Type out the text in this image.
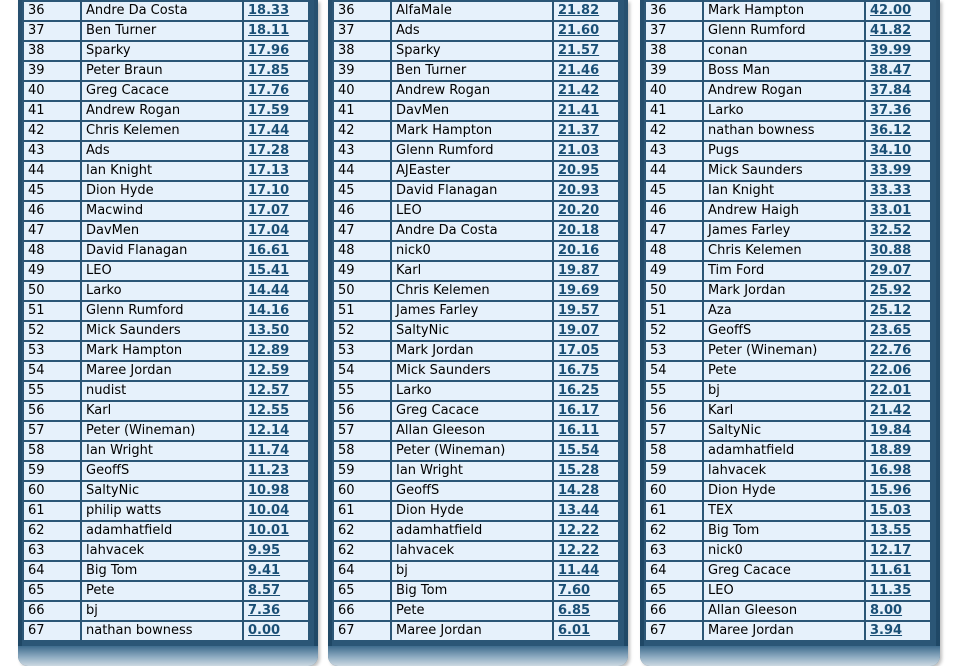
36	Andre Da Costa	18.33
37	Ben Turner	18.11
38	Sparky	17.96
39	Peter Braun	17.85
40	Greg Cacace	17.76
41	Andrew Rogan	17.59
42	Chris Kelemen	17.44
43	Ads	17.28
44	Ian Knight	17.13
45	Dion Hyde	17.10
46	Macwind	17.07
47	DavMen	17.04
48	David Flanagan	16.61
49	LEO	15.41
50	Larko	14.44
51	Glenn Rumford	14.16
52	Mick Saunders	13.50
53	Mark Hampton	12.89
54	Maree Jordan	12.59
55	nudist	12.57
56	Karl	12.55
57	Peter (Wineman)	12.14
58	Ian Wright	11.74
59	GeoffS	11.23
60	SaltyNic	10.98
61	philip watts	10.04
62	adamhatfield	10.01
63	lahvacek	9.95
64	Big Tom	9.41
65	Pete	8.57
66	bj	7.36
67	nathan bowness	0.00
36	AlfaMale	21.82
37	Ads	21.60
38	Sparky	21.57
39	Ben Turner	21.46
40	Andrew Rogan	21.42
41	DavMen	21.41
42	Mark Hampton	21.37
43	Glenn Rumford	21.03
44	AJEaster	20.95
45	David Flanagan	20.93
46	LEO	20.20
47	Andre Da Costa	20.18
48	nick0	20.16
49	Karl	19.87
50	Chris Kelemen	19.69
51	James Farley	19.57
52	SaltyNic	19.07
53	Mark Jordan	17.05
54	Mick Saunders	16.75
55	Larko	16.25
56	Greg Cacace	16.17
57	Allan Gleeson	16.11
58	Peter (Wineman)	15.54
59	Ian Wright	15.28
60	GeoffS	14.28
61	Dion Hyde	13.44
62	adamhatfield	12.22
62	lahvacek	12.22
64	bj	11.44
65	Big Tom	7.60
66	Pete	6.85
67	Maree Jordan	6.01
36	Mark Hampton	42.00
37	Glenn Rumford	41.82
38	conan	39.99
39	Boss Man	38.47
40	Andrew Rogan	37.84
41	Larko	37.36
42	nathan bowness	36.12
43	Pugs	34.10
44	Mick Saunders	33.99
45	Ian Knight	33.33
46	Andrew Haigh	33.01
47	James Farley	32.52
48	Chris Kelemen	30.88
49	Tim Ford	29.07
50	Mark Jordan	25.92
51	Aza	25.12
52	GeoffS	23.65
53	Peter (Wineman)	22.76
54	Pete	22.06
55	bj	22.01
56	Karl	21.42
57	SaltyNic	19.84
58	adamhatfield	18.89
59	lahvacek	16.98
60	Dion Hyde	15.96
61	TEX	15.03
62	Big Tom	13.55
63	nick0	12.17
64	Greg Cacace	11.61
65	LEO	11.35
66	Allan Gleeson	8.00
67	Maree Jordan	3.94
